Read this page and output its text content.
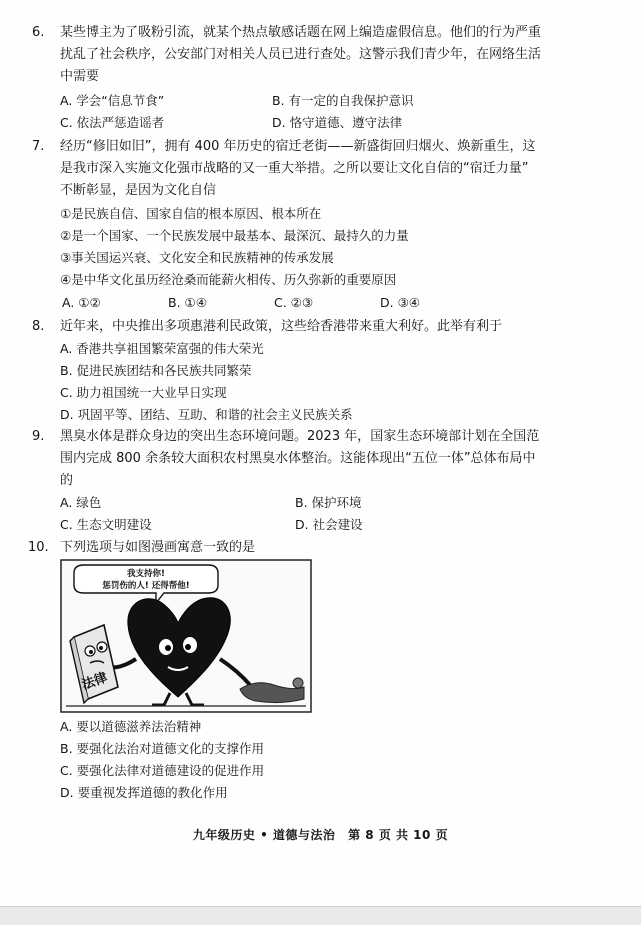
6.	某些博主为了吸粉引流，就某个热点敏感话题在网上编造虚假信息。他们的行为严重
扰乱了社会秩序，公安部门对相关人员已进行查处。这警示我们青少年，在网络生活
中需要
A. 学会“信息节食”	B. 有一定的自我保护意识
C. 依法严惩造谣者	D. 恪守道德、遵守法律
7.	经历“修旧如旧”，拥有 400 年历史的宿迁老街——新盛街回归烟火、焕新重生，这
是我市深入实施文化强市战略的又一重大举措。之所以要让文化自信的“宿迁力量”
不断彰显，是因为文化自信
①是民族自信、国家自信的根本原因、根本所在
②是一个国家、一个民族发展中最基本、最深沉、最持久的力量
③事关国运兴衰、文化安全和民族精神的传承发展
④是中华文化虽历经沧桑而能薪火相传、历久弥新的重要原因
A. ①②	B. ①④	C. ②③	D. ③④
8.	近年来，中央推出多项惠港利民政策，这些给香港带来重大利好。此举有利于
A. 香港共享祖国繁荣富强的伟大荣光
B. 促进民族团结和各民族共同繁荣
C. 助力祖国统一大业早日实现
D. 巩固平等、团结、互助、和谐的社会主义民族关系
9.	黑臭水体是群众身边的突出生态环境问题。2023 年，国家生态环境部计划在全国范
围内完成 800 余条较大面积农村黑臭水体整治。这能体现出“五位一体”总体布局中
的
A. 绿色	B. 保护环境
C. 生态文明建设	D. 社会建设
10. 下列选项与如图漫画寓意一致的是
我支持你!
惩罚伤的人! 还得帮他!
法律
A. 要以道德滋养法治精神
B. 要强化法治对道德文化的支撑作用
C. 要强化法律对道德建设的促进作用
D. 要重视发挥道德的教化作用
九年级历史 • 道德与法治 第 8 页 共 10 页
